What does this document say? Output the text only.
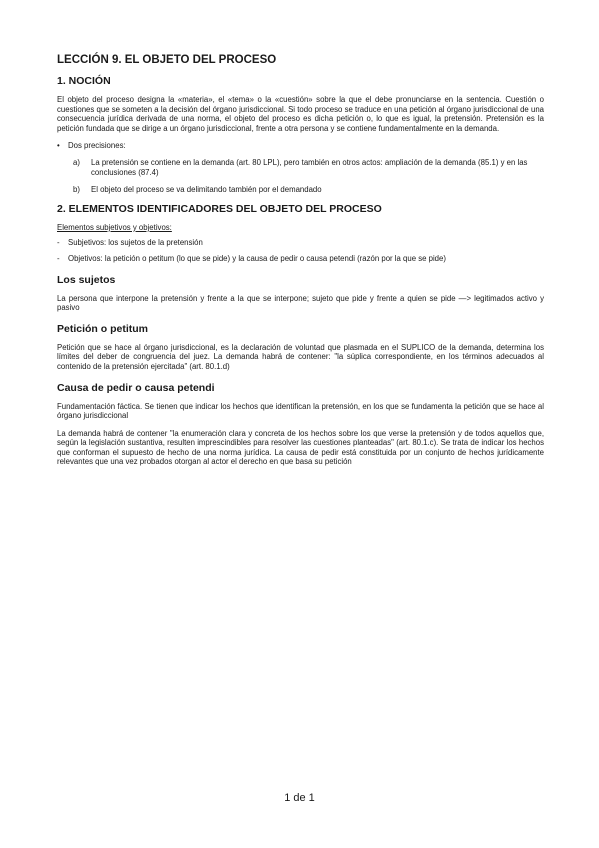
LECCIÓN 9. EL OBJETO DEL PROCESO
1. NOCIÓN

El objeto del proceso designa la «materia», el «tema» o la «cuestión» sobre la que el debe pronunciarse en la sentencia. Cuestión o cuestiones que se someten a la decisión del órgano jurisdiccional. Si todo proceso se traduce en una petición al órgano jurisdiccional de una consecuencia jurídica derivada de una norma, el objeto del proceso es dicha petición o, lo que es igual, la pretensión. Pretensión es la petición fundada que se dirige a un órgano jurisdiccional, frente a otra persona y se contiene fundamentalmente en la demanda.

•	Dos precisiones:
a)	La pretensión se contiene en la demanda (art. 80 LPL), pero también en otros actos: ampliación de la demanda (85.1) y en las conclusiones (87.4)
b)	El objeto del proceso se va delimitando también por el demandado
2. ELEMENTOS IDENTIFICADORES DEL OBJETO DEL PROCESO
Elementos subjetivos y objetivos:
-	Subjetivos: los sujetos de la pretensión
-	Objetivos: la petición o petitum (lo que se pide) y la causa de pedir o causa petendi (razón por la que se pide)
Los sujetos

La persona que interpone la pretensión y frente a la que se interpone; sujeto que pide y frente a quien se pide —> legitimados activo y pasivo

Petición o petitum

Petición que se hace al órgano jurisdiccional, es la declaración de voluntad que plasmada en el SUPLICO de la demanda, determina los límites del deber de congruencia del juez. La demanda habrá de contener: "la súplica correspondiente, en los términos adecuados al contenido de la pretensión ejercitada" (art. 80.1.d)

Causa de pedir o causa petendi

Fundamentación fáctica. Se tienen que indicar los hechos que identifican la pretensión, en los que se fundamenta la petición que se hace al órgano jurisdiccional

La demanda habrá de contener "la enumeración clara y concreta de los hechos sobre los que verse la pretensión y de todos aquellos que, según la legislación sustantiva, resulten imprescindibles para resolver las cuestiones planteadas" (art. 80.1.c). Se trata de indicar los hechos que conforman el supuesto de hecho de una norma jurídica. La causa de pedir está constituida por un conjunto de hechos jurídicamente relevantes que una vez probados otorgan al actor el derecho en que basa su petición

1 de 1
